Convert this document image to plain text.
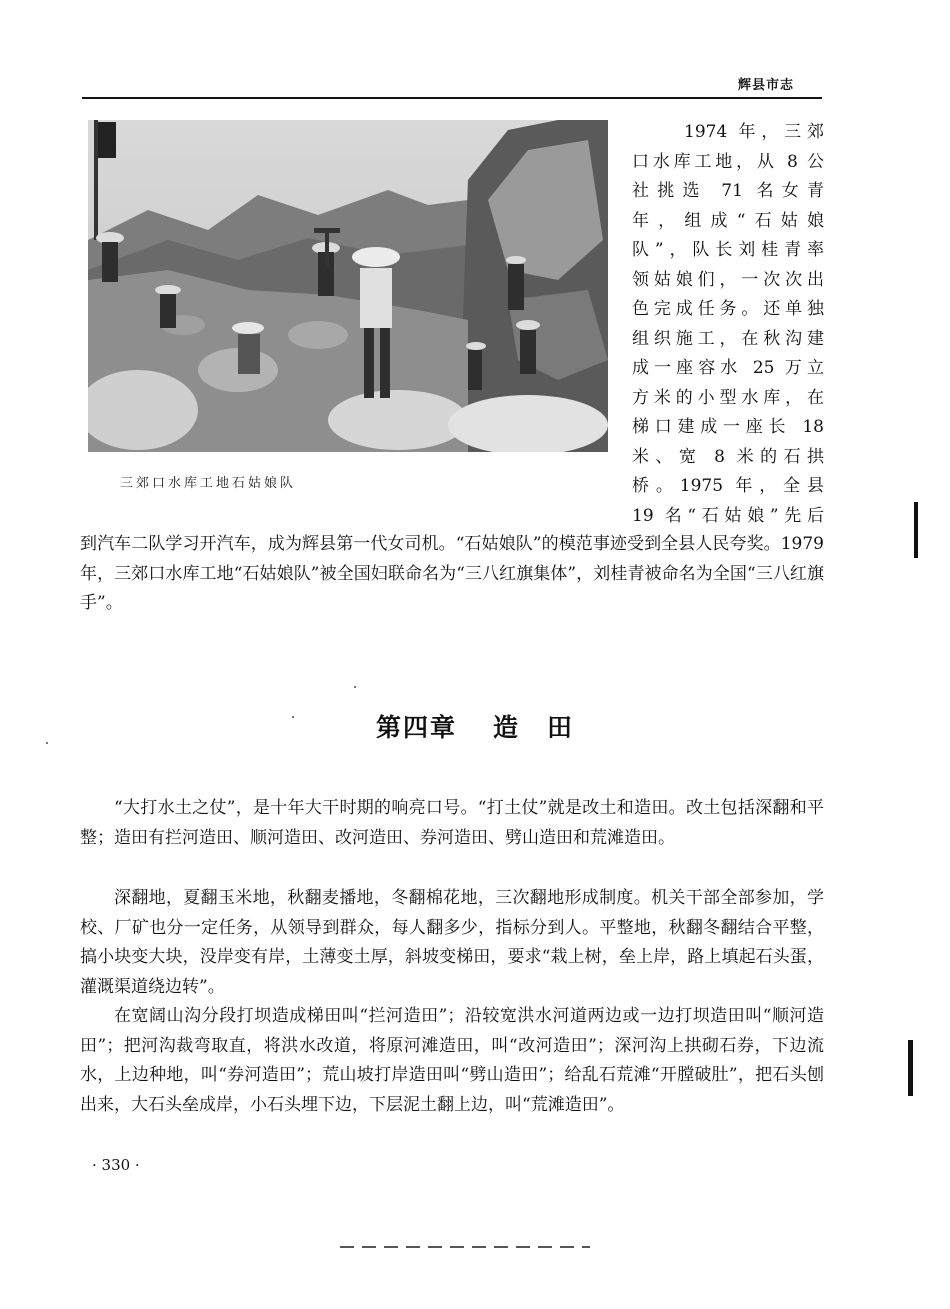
辉县市志
三郊口水库工地石姑娘队
1974 年，三郊
口水库工地，从 8 公
社挑选 71 名女青
年，组成“石姑娘
队”，队长刘桂青率
领姑娘们，一次次出
色完成任务。还单独
组织施工，在秋沟建
成一座容水 25 万立
方米的小型水库，在
梯口建成一座长 18
米、宽 8 米的石拱
桥。1975 年，全县
19 名“石姑娘”先后
到汽车二队学习开汽车，成为辉县第一代女司机。“石姑娘队”的模范事迹受到全县人民夸奖。1979 年，三郊口水库工地“石姑娘队”被全国妇联命名为“三八红旗集体”，刘桂青被命名为全国“三八红旗手”。
第四章 造　田
“大打水土之仗”，是十年大干时期的响亮口号。“打土仗”就是改土和造田。改土包括深翻和平整；造田有拦河造田、顺河造田、改河造田、券河造田、劈山造田和荒滩造田。
深翻地，夏翻玉米地，秋翻麦播地，冬翻棉花地，三次翻地形成制度。机关干部全部参加，学校、厂矿也分一定任务，从领导到群众，每人翻多少，指标分到人。平整地，秋翻冬翻结合平整，搞小块变大块，没岸变有岸，土薄变土厚，斜坡变梯田，要求“栽上树，垒上岸，路上填起石头蛋，灌溉渠道绕边转”。
在宽阔山沟分段打坝造成梯田叫“拦河造田”；沿较宽洪水河道两边或一边打坝造田叫“顺河造田”；把河沟裁弯取直，将洪水改道，将原河滩造田，叫“改河造田”；深河沟上拱砌石券，下边流水，上边种地，叫“券河造田”；荒山坡打岸造田叫“劈山造田”；给乱石荒滩“开膛破肚”，把石头刨出来，大石头垒成岸，小石头埋下边，下层泥土翻上边，叫“荒滩造田”。
· 330 ·
